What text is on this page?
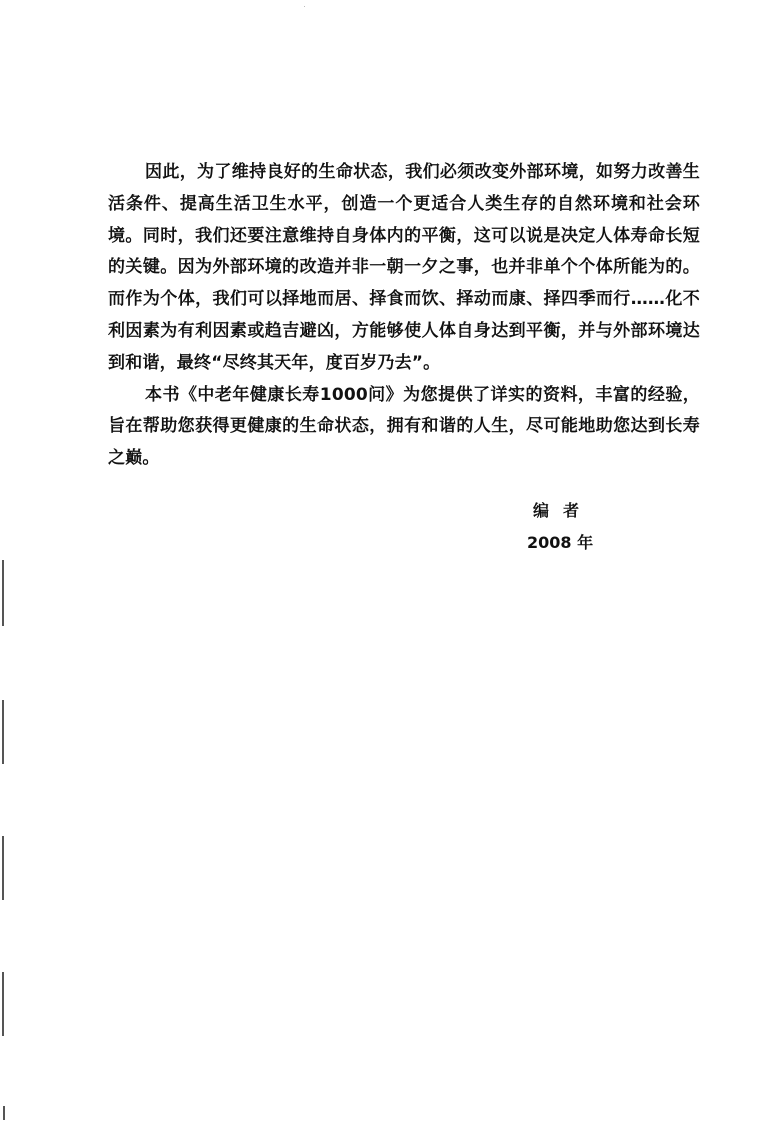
因此，为了维持良好的生命状态，我们必须改变外部环境，如努力改善生活条件、提高生活卫生水平，创造一个更适合人类生存的自然环境和社会环境。同时，我们还要注意维持自身体内的平衡，这可以说是决定人体寿命长短的关键。因为外部环境的改造并非一朝一夕之事，也并非单个个体所能为的。而作为个体，我们可以择地而居、择食而饮、择动而康、择四季而行……化不利因素为有利因素或趋吉避凶，方能够使人体自身达到平衡，并与外部环境达到和谐，最终“尽终其天年，度百岁乃去”。

本书《中老年健康长寿1000问》为您提供了详实的资料，丰富的经验，旨在帮助您获得更健康的生命状态，拥有和谐的人生，尽可能地助您达到长寿之巅。

编者
2008 年
